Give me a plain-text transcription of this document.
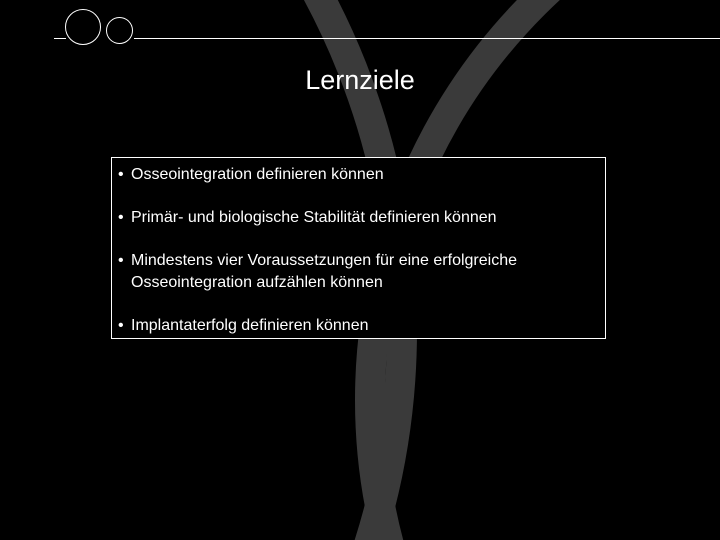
Lernziele
• Osseointegration definieren können
• Primär- und biologische Stabilität definieren können
• Mindestens vier Voraussetzungen für eine erfolgreiche Osseointegration aufzählen können
• Implantaterfolg definieren können
